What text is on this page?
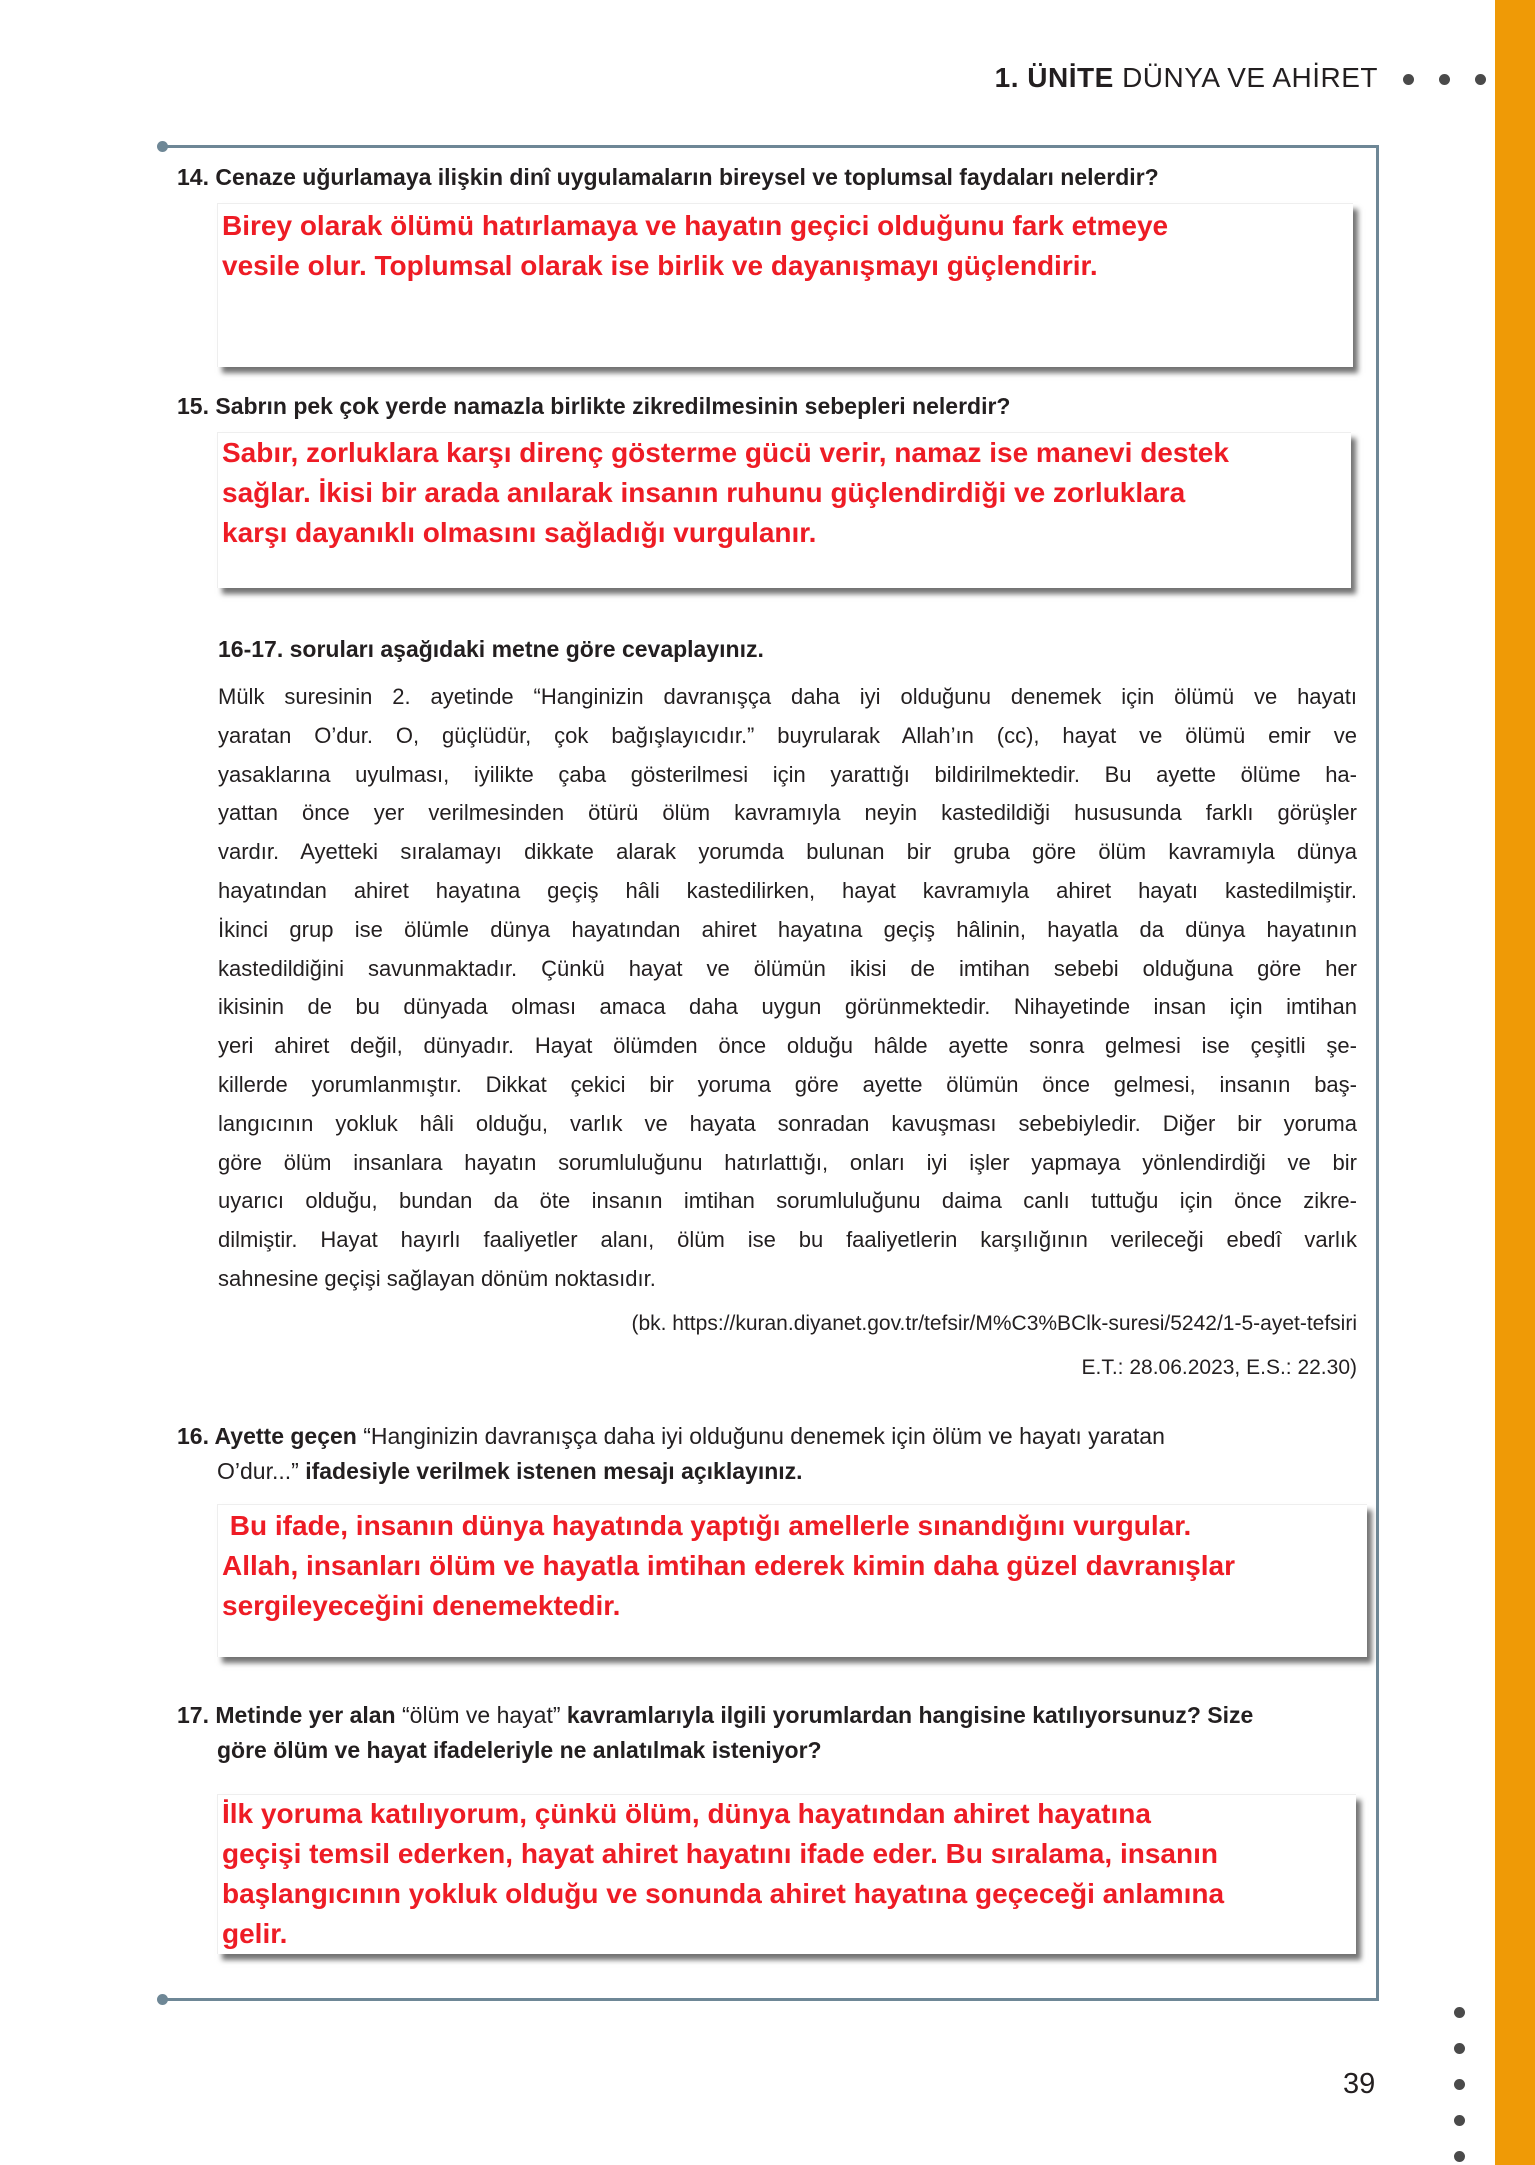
1. ÜNİTE DÜNYA VE AHİRET
14. Cenaze uğurlamaya ilişkin dinî uygulamaların bireysel ve toplumsal faydaları nelerdir?
Birey olarak ölümü hatırlamaya ve hayatın geçici olduğunu fark etmeye
vesile olur. Toplumsal olarak ise birlik ve dayanışmayı güçlendirir.
15. Sabrın pek çok yerde namazla birlikte zikredilmesinin sebepleri nelerdir?
Sabır, zorluklara karşı direnç gösterme gücü verir, namaz ise manevi destek
sağlar. İkisi bir arada anılarak insanın ruhunu güçlendirdiği ve zorluklara
karşı dayanıklı olmasını sağladığı vurgulanır.
16-17. soruları aşağıdaki metne göre cevaplayınız.
Mülk suresinin 2. ayetinde “Hanginizin davranışça daha iyi olduğunu denemek için ölümü ve hayatı
yaratan O’dur. O, güçlüdür, çok bağışlayıcıdır.” buyrularak Allah’ın (cc), hayat ve ölümü emir ve
yasaklarına uyulması, iyilikte çaba gösterilmesi için yarattığı bildirilmektedir. Bu ayette ölüme ha-
yattan önce yer verilmesinden ötürü ölüm kavramıyla neyin kastedildiği hususunda farklı görüşler
vardır. Ayetteki sıralamayı dikkate alarak yorumda bulunan bir gruba göre ölüm kavramıyla dünya
hayatından ahiret hayatına geçiş hâli kastedilirken, hayat kavramıyla ahiret hayatı kastedilmiştir.
İkinci grup ise ölümle dünya hayatından ahiret hayatına geçiş hâlinin, hayatla da dünya hayatının
kastedildiğini savunmaktadır. Çünkü hayat ve ölümün ikisi de imtihan sebebi olduğuna göre her
ikisinin de bu dünyada olması amaca daha uygun görünmektedir. Nihayetinde insan için imtihan
yeri ahiret değil, dünyadır. Hayat ölümden önce olduğu hâlde ayette sonra gelmesi ise çeşitli şe-
killerde yorumlanmıştır. Dikkat çekici bir yoruma göre ayette ölümün önce gelmesi, insanın baş-
langıcının yokluk hâli olduğu, varlık ve hayata sonradan kavuşması sebebiyledir. Diğer bir yoruma
göre ölüm insanlara hayatın sorumluluğunu hatırlattığı, onları iyi işler yapmaya yönlendirdiği ve bir
uyarıcı olduğu, bundan da öte insanın imtihan sorumluluğunu daima canlı tuttuğu için önce zikre-
dilmiştir. Hayat hayırlı faaliyetler alanı, ölüm ise bu faaliyetlerin karşılığının verileceği ebedî varlık
sahnesine geçişi sağlayan dönüm noktasıdır.
(bk. https://kuran.diyanet.gov.tr/tefsir/M%C3%BClk-suresi/5242/1-5-ayet-tefsiri
E.T.: 28.06.2023, E.S.: 22.30)
16. Ayette geçen “Hanginizin davranışça daha iyi olduğunu denemek için ölüm ve hayatı yaratan
O’dur...” ifadesiyle verilmek istenen mesajı açıklayınız.
Bu ifade, insanın dünya hayatında yaptığı amellerle sınandığını vurgular.
Allah, insanları ölüm ve hayatla imtihan ederek kimin daha güzel davranışlar
sergileyeceğini denemektedir.
17. Metinde yer alan “ölüm ve hayat” kavramlarıyla ilgili yorumlardan hangisine katılıyorsunuz? Size
göre ölüm ve hayat ifadeleriyle ne anlatılmak isteniyor?
İlk yoruma katılıyorum, çünkü ölüm, dünya hayatından ahiret hayatına
geçişi temsil ederken, hayat ahiret hayatını ifade eder. Bu sıralama, insanın
başlangıcının yokluk olduğu ve sonunda ahiret hayatına geçeceği anlamına
gelir.
39
